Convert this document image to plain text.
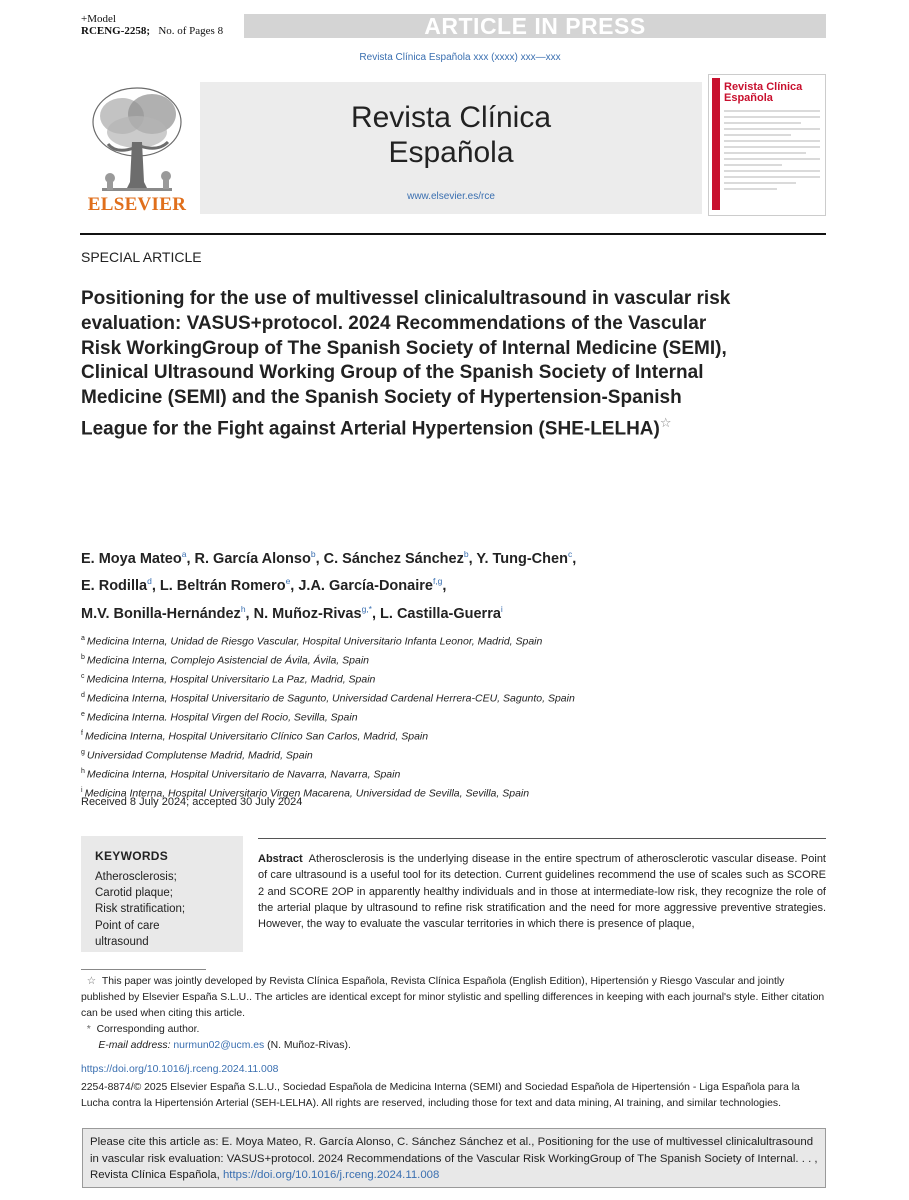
+Model
RCENG-2258; No. of Pages 8	ARTICLE IN PRESS
Revista Clínica Española xxx (xxxx) xxx—xxx
ELSEVIER
Revista Clínica
Española
www.elsevier.es/rce
Revista Clínica
Española
SPECIAL ARTICLE
Positioning for the use of multivessel clinicalultrasound in vascular risk evaluation: VASUS+protocol. 2024 Recommendations of the Vascular Risk WorkingGroup of The Spanish Society of Internal Medicine (SEMI), Clinical Ultrasound Working Group of the Spanish Society of Internal Medicine (SEMI) and the Spanish Society of Hypertension-Spanish League for the Fight against Arterial Hypertension (SHE-LELHA)☆
E. Moya Mateo$^a$, R. García Alonso$^b$, C. Sánchez Sánchez$^b$, Y. Tung-Chen$^c$,
E. Rodilla$^d$, L. Beltrán Romero$^e$, J.A. García-Donaire$^{f,g}$,
M.V. Bonilla-Hernández$^h$, N. Muñoz-Rivas$^{g,*}$, L. Castilla-Guerra$^i$
$^a$ Medicina Interna, Unidad de Riesgo Vascular, Hospital Universitario Infanta Leonor, Madrid, Spain
$^b$ Medicina Interna, Complejo Asistencial de Ávila, Ávila, Spain
$^c$ Medicina Interna, Hospital Universitario La Paz, Madrid, Spain
$^d$ Medicina Interna, Hospital Universitario de Sagunto, Universidad Cardenal Herrera-CEU, Sagunto, Spain
$^e$ Medicina Interna. Hospital Virgen del Rocio, Sevilla, Spain
$^f$ Medicina Interna, Hospital Universitario Clínico San Carlos, Madrid, Spain
$^g$ Universidad Complutense Madrid, Madrid, Spain
$^h$ Medicina Interna, Hospital Universitario de Navarra, Navarra, Spain
$^i$ Medicina Interna, Hospital Universitario Virgen Macarena, Universidad de Sevilla, Sevilla, Spain
Received 8 July 2024; accepted 30 July 2024
KEYWORDS
Atherosclerosis;
Carotid plaque;
Risk stratification;
Point of care ultrasound
Abstract Atherosclerosis is the underlying disease in the entire spectrum of atherosclerotic vascular disease. Point of care ultrasound is a useful tool for its detection. Current guidelines recommend the use of scales such as SCORE 2 and SCORE 2OP in apparently healthy individuals and in those at intermediate-low risk, they recognize the role of the arterial plaque by ultrasound to refine risk stratification and the need for more aggressive preventive strategies. However, the way to evaluate the vascular territories in which there is presence of plaque,
☆ This paper was jointly developed by Revista Clínica Española, Revista Clínica Española (English Edition), Hipertensión y Riesgo Vascular and jointly published by Elsevier España S.L.U.. The articles are identical except for minor stylistic and spelling differences in keeping with each journal's style. Either citation can be used when citing this article.
* Corresponding author.
E-mail address: nurmun02@ucm.es (N. Muñoz-Rivas).
https://doi.org/10.1016/j.rceng.2024.11.008
2254-8874/© 2025 Elsevier España S.L.U., Sociedad Española de Medicina Interna (SEMI) and Sociedad Española de Hipertensión - Liga Española para la Lucha contra la Hipertensión Arterial (SEH-LELHA). All rights are reserved, including those for text and data mining, AI training, and similar technologies.
Please cite this article as: E. Moya Mateo, R. García Alonso, C. Sánchez Sánchez et al., Positioning for the use of multivessel clinicalultrasound in vascular risk evaluation: VASUS+protocol. 2024 Recommendations of the Vascular Risk WorkingGroup of The Spanish Society of Internal. . . , Revista Clínica Española, https://doi.org/10.1016/j.rceng.2024.11.008
